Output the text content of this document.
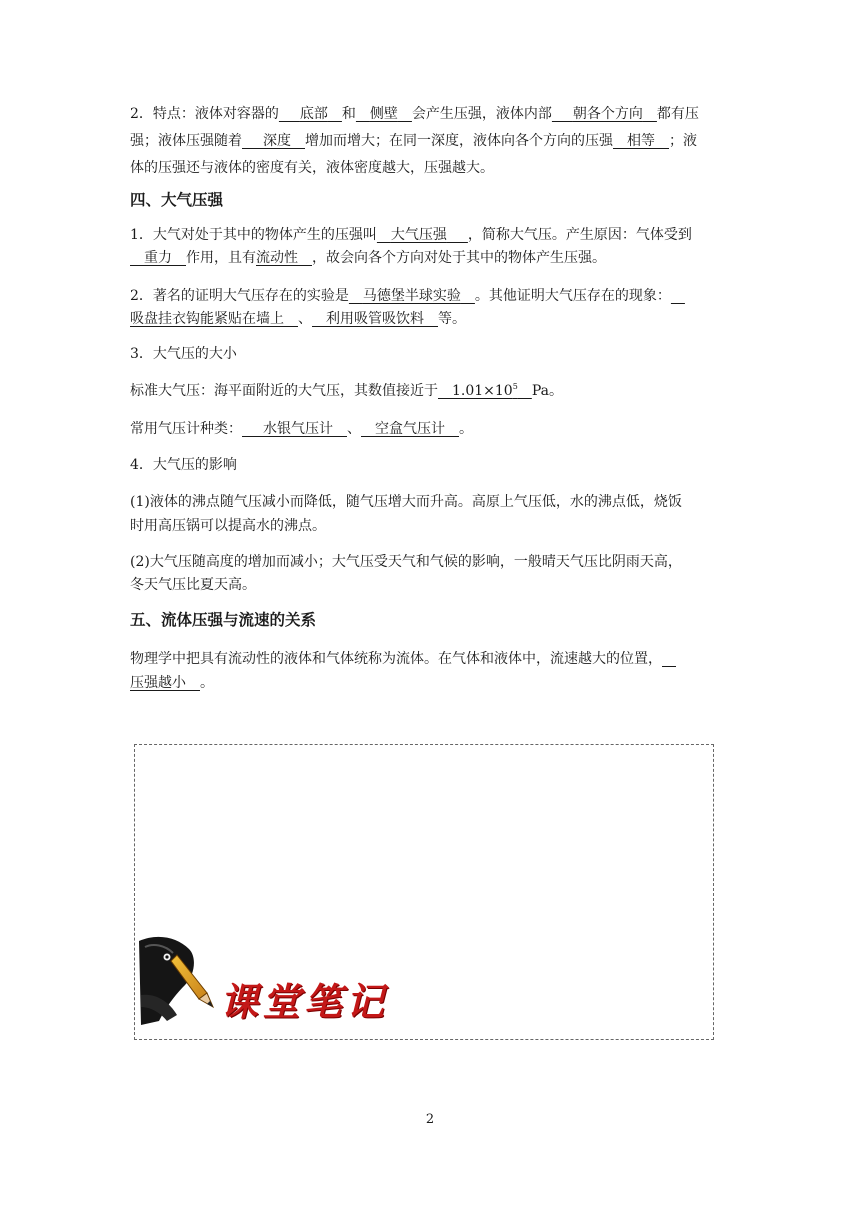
2．特点：液体对容器的   底部  和   侧壁  会产生压强，液体内部   朝各个方向  都有压
强；液体压强随着   深度  增加而增大；在同一深度，液体向各个方向的压强  相等  ；液
体的压强还与液体的密度有关，液体密度越大，压强越大。
四、大气压强
1．大气对处于其中的物体产生的压强叫  大气压强   ，简称大气压。产生原因：气体受到
 重力  作用，且有流动性  ，故会向各个方向对处于其中的物体产生压强。
2．著名的证明大气压存在的实验是  马德堡半球实验  。其他证明大气压存在的现象： 
吸盘挂衣钩能紧贴在墙上  、  利用吸管吸饮料  等。
3．大气压的大小
标准大气压：海平面附近的大气压，其数值接近于  $1.01\times 10^5$  Pa。
常用气压计种类：   水银气压计  、  空盒气压计  。
4．大气压的影响
(1)液体的沸点随气压减小而降低，随气压增大而升高。高原上气压低，水的沸点低，烧饭
时用高压锅可以提高水的沸点。
(2)大气压随高度的增加而减小；大气压受天气和气候的影响，一般晴天气压比阴雨天高，
冬天气压比夏天高。
五、流体压强与流速的关系
物理学中把具有流动性的液体和气体统称为流体。在气体和液体中，流速越大的位置， 
压强越小  。
课堂笔记
2
